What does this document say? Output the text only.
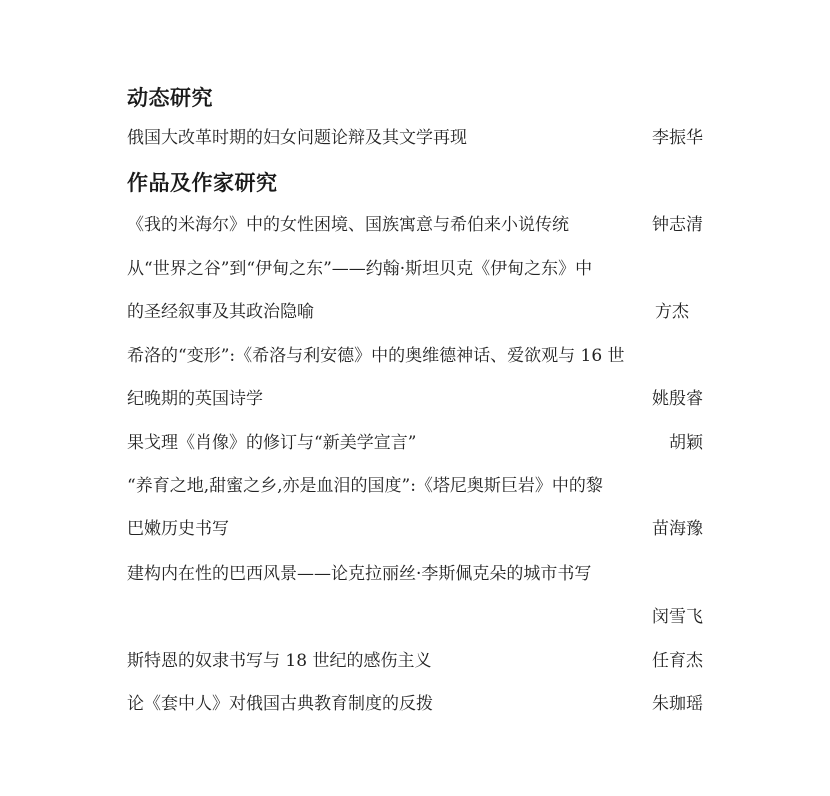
动态研究
俄国大改革时期的妇女问题论辩及其文学再现	李振华
作品及作家研究
《我的米海尔》中的女性困境、国族寓意与希伯来小说传统	钟志清
从“世界之谷”到“伊甸之东”——约翰·斯坦贝克《伊甸之东》中
的圣经叙事及其政治隐喻	方杰
希洛的“变形”:《希洛与利安德》中的奥维德神话、爱欲观与 16 世
纪晚期的英国诗学	姚殷睿
果戈理《肖像》的修订与“新美学宣言”	胡颖
“养育之地,甜蜜之乡,亦是血泪的国度”:《塔尼奥斯巨岩》中的黎
巴嫩历史书写	苗海豫
建构内在性的巴西风景——论克拉丽丝·李斯佩克朵的城市书写
闵雪飞
斯特恩的奴隶书写与 18 世纪的感伤主义	任育杰
论《套中人》对俄国古典教育制度的反拨	朱珈瑶
